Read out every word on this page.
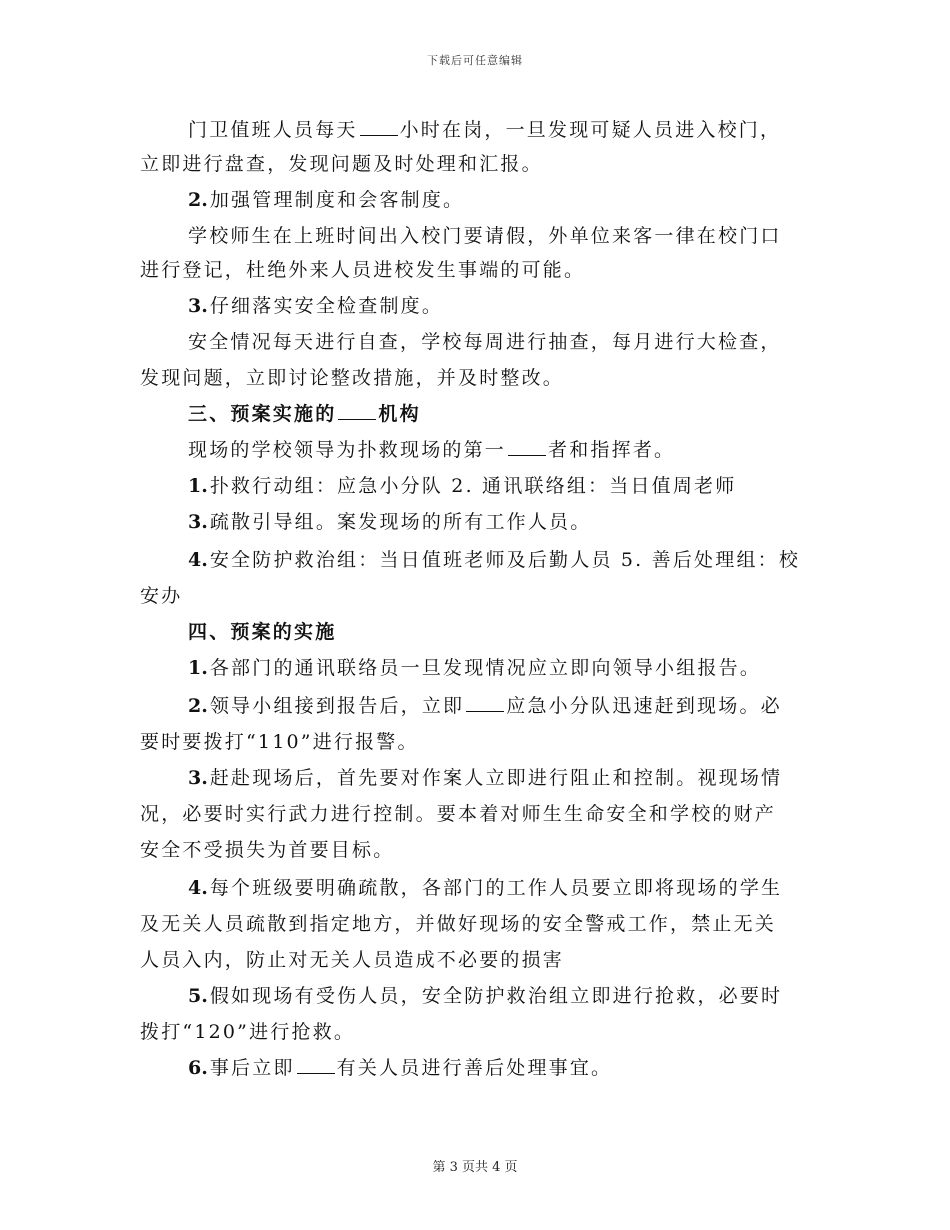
下载后可任意编辑
门卫值班人员每天 小时在岗，一旦发现可疑人员进入校门，
立即进行盘查，发现问题及时处理和汇报。
2. 加强管理制度和会客制度。
学校师生在上班时间出入校门要请假，外单位来客一律在校门口
进行登记，杜绝外来人员进校发生事端的可能。
3. 仔细落实安全检查制度。
安全情况每天进行自查，学校每周进行抽查，每月进行大检查，
发现问题，立即讨论整改措施，并及时整改。
三、预案实施的 机构
现场的学校领导为扑救现场的第一 者和指挥者。
1. 扑救行动组：应急小分队 2. 通讯联络组：当日值周老师
3. 疏散引导组。案发现场的所有工作人员。
4. 安全防护救治组：当日值班老师及后勤人员 5. 善后处理组：校
安办
四、预案的实施
1. 各部门的通讯联络员一旦发现情况应立即向领导小组报告。
2. 领导小组接到报告后，立即 应急小分队迅速赶到现场。必
要时要拨打“110”进行报警。
3. 赶赴现场后，首先要对作案人立即进行阻止和控制。视现场情
况，必要时实行武力进行控制。要本着对师生生命安全和学校的财产
安全不受损失为首要目标。
4. 每个班级要明确疏散，各部门的工作人员要立即将现场的学生
及无关人员疏散到指定地方，并做好现场的安全警戒工作，禁止无关
人员入内，防止对无关人员造成不必要的损害
5. 假如现场有受伤人员，安全防护救治组立即进行抢救，必要时
拨打“120”进行抢救。
6. 事后立即 有关人员进行善后处理事宜。
第 3 页共 4 页
